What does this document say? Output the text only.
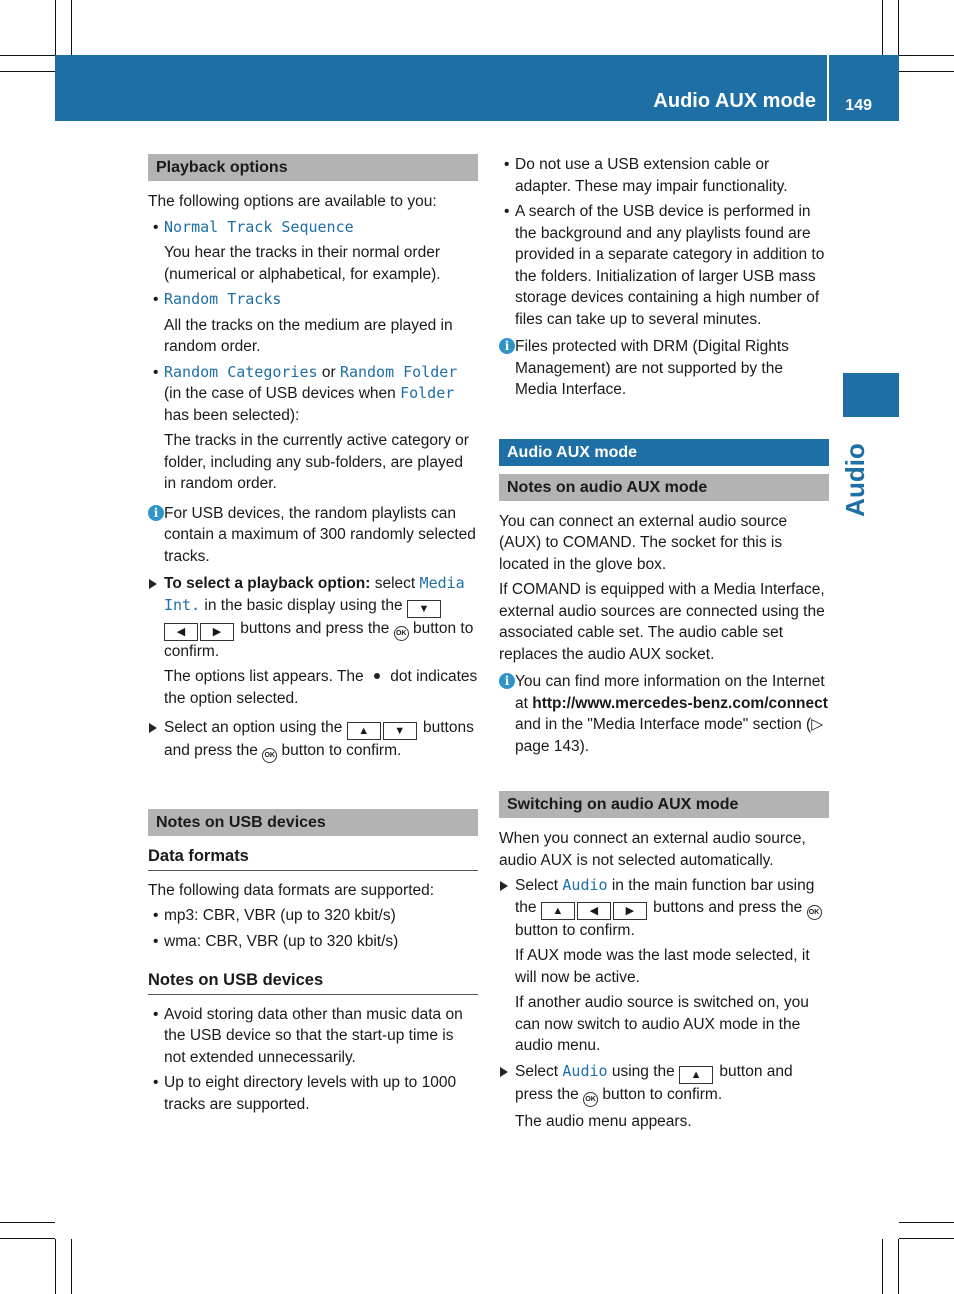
Audio AUX mode 149
Audio
Playback options

The following options are available to you:

• Normal Track Sequence
You hear the tracks in their normal order (numerical or alphabetical, for example).
• Random Tracks
All the tracks on the medium are played in random order.
• Random Categories or Random Folder
(in the case of USB devices when Folder has been selected):
The tracks in the currently active category or folder, including any sub-folders, are played in random order.
i For USB devices, the random playlists can contain a maximum of 300 randomly selected tracks.
To select a playback option: select Media Int. in the basic display using the ▼◀	▶ buttons and press the OK button to confirm.
The options list appears. The  dot indicates the option selected.
Select an option using the ▲ ▼ buttons and press the OK button to confirm.
Notes on USB devices
Data formats

The following data formats are supported:

• mp3: CBR, VBR (up to 320 kbit/s)
• wma: CBR, VBR (up to 320 kbit/s)
Notes on USB devices
• Avoid storing data other than music data on the USB device so that the start-up time is not extended unnecessarily.
• Up to eight directory levels with up to 1000 tracks are supported.
• Do not use a USB extension cable or adapter. These may impair functionality.
• A search of the USB device is performed in the background and any playlists found are provided in a separate category in addition to the folders. Initialization of larger USB mass storage devices containing a high number of files can take up to several minutes.
i Files protected with DRM (Digital Rights Management) are not supported by the Media Interface.
Audio AUX mode
Notes on audio AUX mode

You can connect an external audio source (AUX) to COMAND. The socket for this is located in the glove box.

If COMAND is equipped with a Media Interface, external audio sources are connected using the associated cable set. The audio cable set replaces the audio AUX socket.

i You can find more information on the Internet at http://www.mercedes-benz.com/connect and in the "Media Interface mode" section (▷ page 143).
Switching on audio AUX mode

When you connect an external audio source, audio AUX is not selected automatically.

Select Audio in the main function bar using the ▲ ◀	▶ buttons and press the OK button to confirm.
If AUX mode was the last mode selected, it will now be active.
If another audio source is switched on, you can now switch to audio AUX mode in the audio menu.
Select Audio using the ▲ button and press the OK button to confirm.
The audio menu appears.
